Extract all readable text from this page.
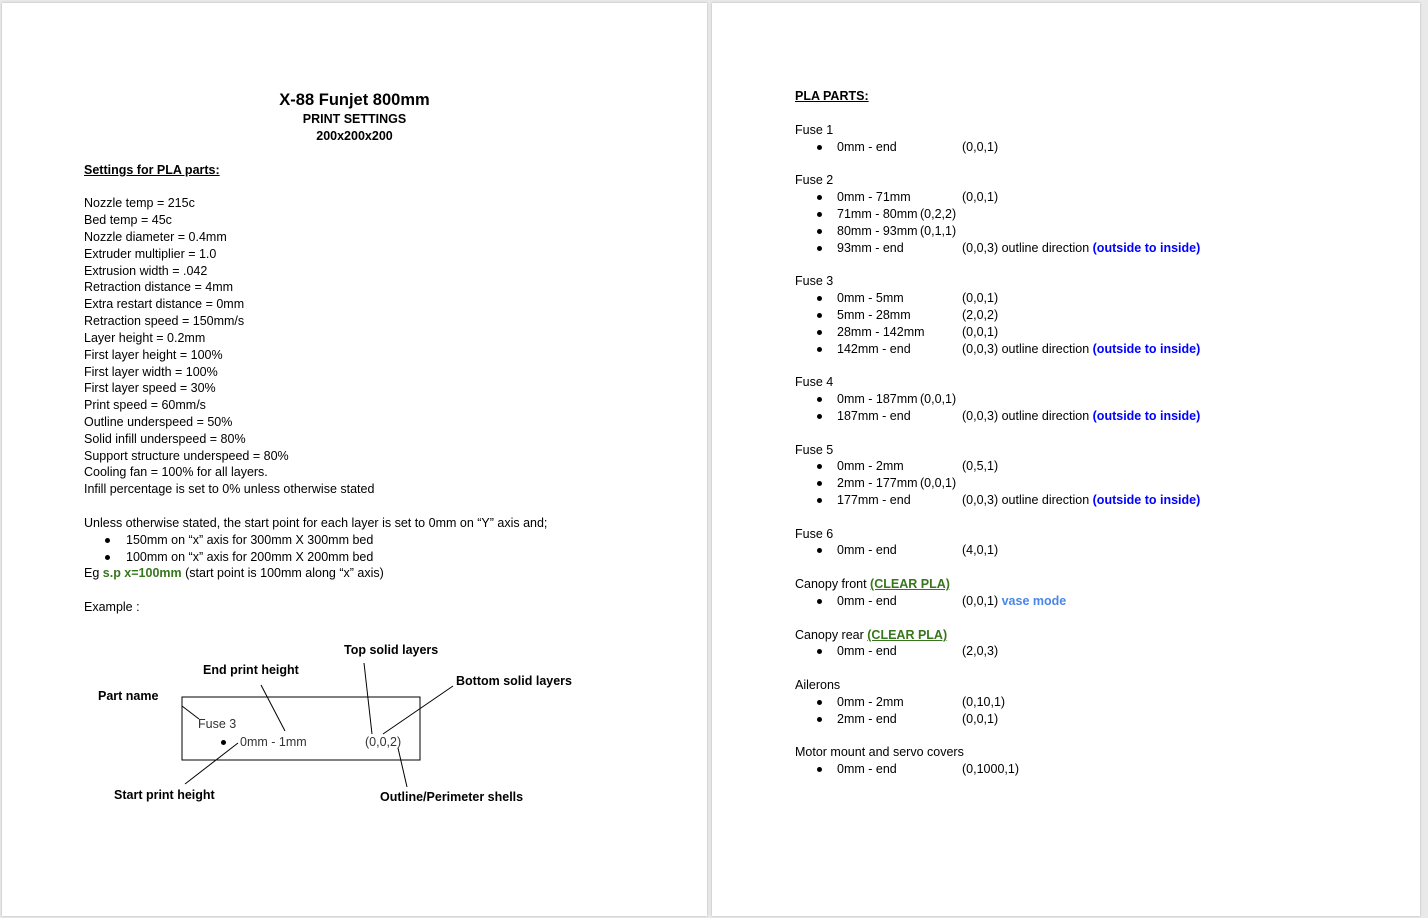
X-88 Funjet 800mm
PRINT SETTINGS
200x200x200
Settings for PLA parts:
Nozzle temp = 215c
Bed temp = 45c
Nozzle diameter = 0.4mm
Extruder multiplier = 1.0
Extrusion width = .042
Retraction distance = 4mm
Extra restart distance = 0mm
Retraction speed = 150mm/s
Layer height = 0.2mm
First layer height = 100%
First layer width = 100%
First layer speed = 30%
Print speed = 60mm/s
Outline underspeed = 50%
Solid infill underspeed = 80%
Support structure underspeed = 80%
Cooling fan = 100% for all layers.
Infill percentage is set to 0% unless otherwise stated
Unless otherwise stated, the start point for each layer is set to 0mm on “Y” axis and;
150mm on “x” axis for 300mm X 300mm bed
100mm on “x” axis for 200mm X 200mm bed
Eg s.p x=100mm (start point is 100mm along “x” axis)
Example :
Part name
End print height
Top solid layers
Bottom solid layers
Start print height	Outline/Perimeter shells
Fuse 3
0mm - 1mm	(0,0,2)
PLA PARTS:
Fuse 1
0mm - end	(0,0,1)
Fuse 2
0mm - 71mm	(0,0,1)
71mm - 80mm (0,2,2)
80mm - 93mm (0,1,1)
93mm - end	(0,0,3) outline direction (outside to inside)
Fuse 3
0mm - 5mm	(0,0,1)
5mm - 28mm	(2,0,2)
28mm - 142mm	(0,0,1)
142mm - end	(0,0,3) outline direction (outside to inside)
Fuse 4
0mm - 187mm (0,0,1)
187mm - end	(0,0,3) outline direction (outside to inside)
Fuse 5
0mm - 2mm	(0,5,1)
2mm - 177mm (0,0,1)
177mm - end	(0,0,3) outline direction (outside to inside)
Fuse 6
0mm - end	(4,0,1)
Canopy front (CLEAR PLA)
0mm - end	(0,0,1) vase mode
Canopy rear (CLEAR PLA)
0mm - end	(2,0,3)
Ailerons
0mm - 2mm	(0,10,1)
2mm - end	(0,0,1)
Motor mount and servo covers
0mm - end	(0,1000,1)
